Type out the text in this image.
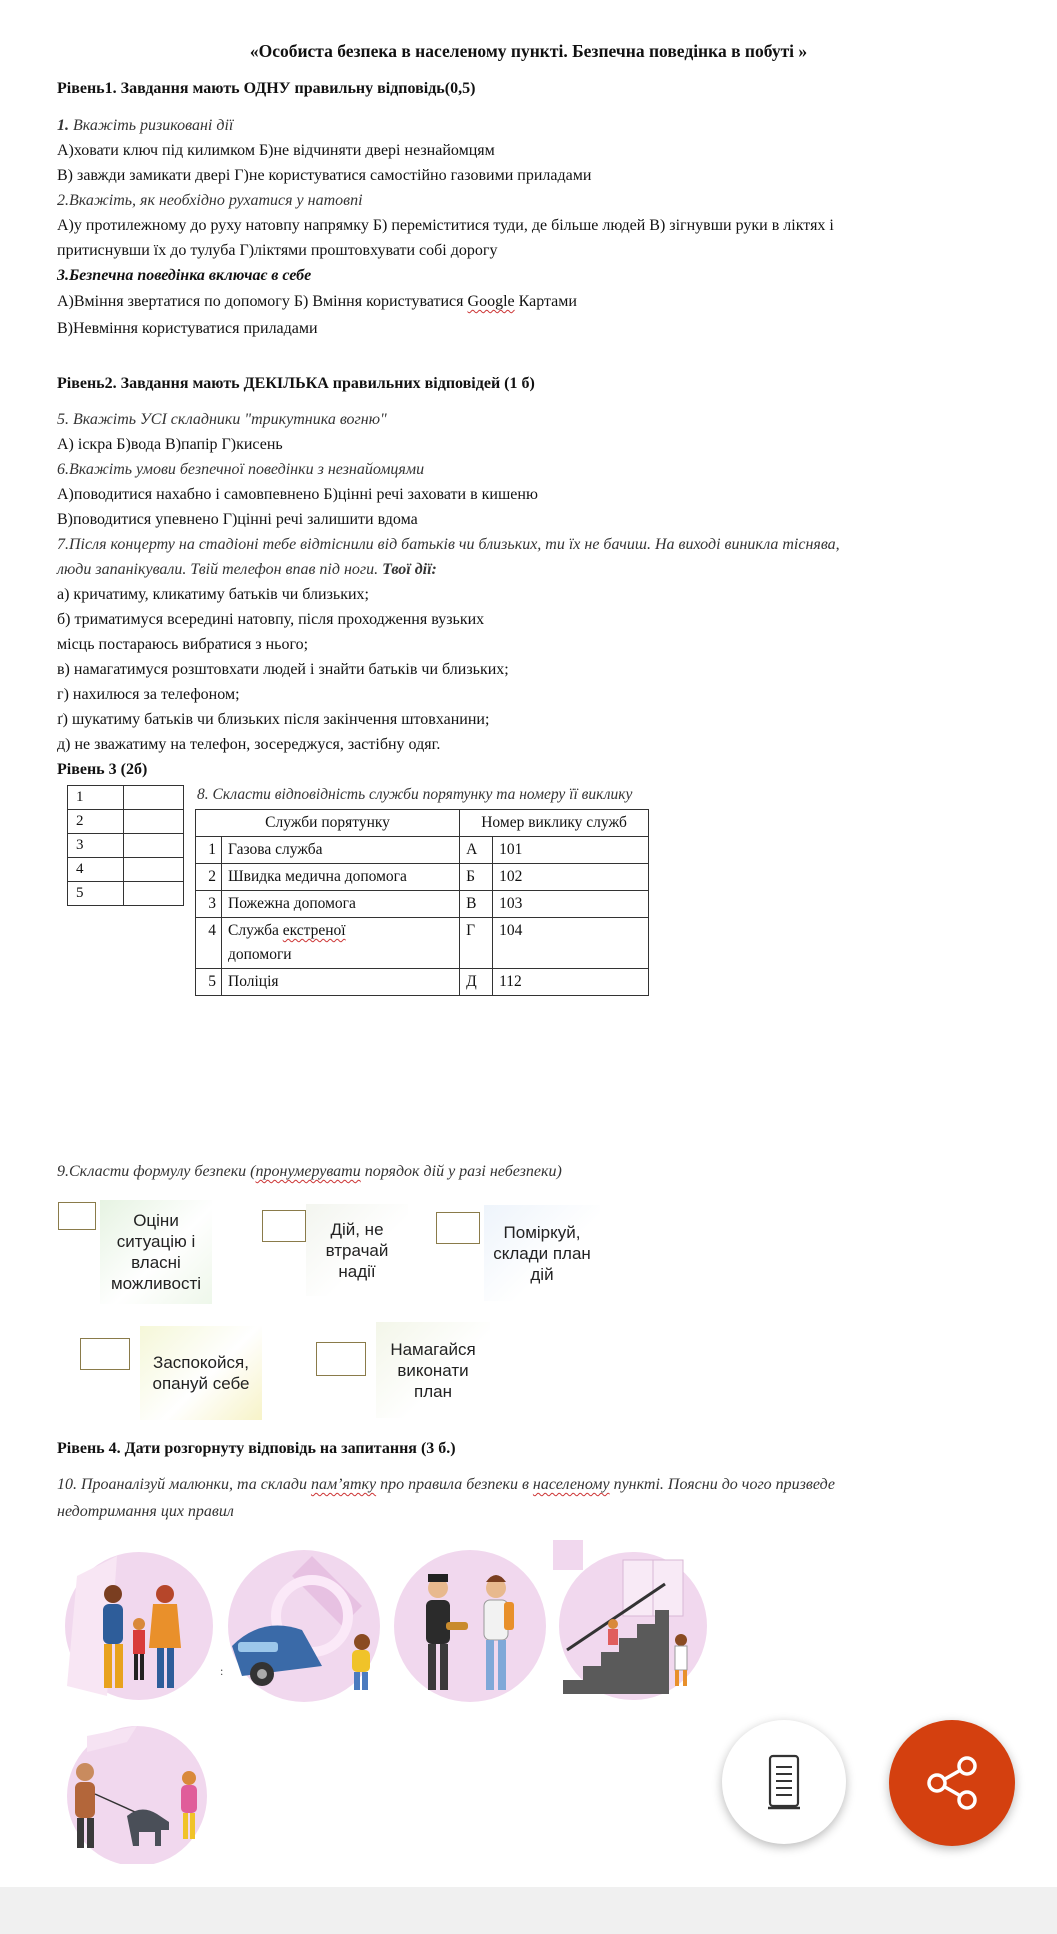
«Особиста безпека в населеному пункті. Безпечна поведінка в побуті »
Рівень1. Завдання мають ОДНУ правильну відповідь(0,5)
1. Вкажіть ризиковані дії
А)ховати ключ під килимком Б)не відчиняти двері незнайомцям
В) завжди замикати двері Г)не користуватися самостійно газовими приладами
2.Вкажіть, як необхідно рухатися у натовпі
А)у протилежному до руху натовпу напрямку Б) переміститися туди, де більше людей В) зігнувши руки в ліктях і
притиснувши їх до тулуба Г)ліктями проштовхувати собі дорогу
3.Безпечна поведінка включає в себе
А)Вміння звертатися по допомогу Б) Вміння користуватися Google Картами
В)Невміння користуватися приладами
Рівень2. Завдання мають ДЕКІЛЬКА правильних відповідей (1 б)
5. Вкажіть УСІ складники "трикутника вогню"
А) іскра Б)вода В)папір Г)кисень
6.Вкажіть умови безпечної поведінки з незнайомцями
А)поводитися нахабно і самовпевнено Б)цінні речі заховати в кишеню
В)поводитися упевнено Г)цінні речі залишити вдома
7.Після концерту на стадіоні тебе відтіснили від батьків чи близьких, ти їх не бачиш. На виході виникла тіснява,
люди запанікували. Твій телефон впав під ноги. Твої дії:
а) кричатиму, кликатиму батьків чи близьких;
б) триматимуся всередині натовпу, після проходження вузьких
місць постараюсь вибратися з нього;
в) намагатимуся розштовхати людей і знайти батьків чи близьких;
г) нахилюся за телефоном;
ґ) шукатиму батьків чи близьких після закінчення штовханини;
д) не зважатиму на телефон, зосереджуся, застібну одяг.
Рівень 3 (2б)
1	
2	
3	
4	
5	
8. Скласти відповідність служби порятунку та номеру її виклику
Служби порятунку		Номер виклику служб	
1	Газова служба	А	101
2	Швидка медична допомога	Б	102
3	Пожежна допомога	В	103
4	Служба екстреної
допомоги	Г	104
5	Поліція	Д	112
9.Скласти формулу безпеки (пронумерувати порядок дій у разі небезпеки)
Оціни ситуацію і власні можливості
Дій, не втрачай надії
Поміркуй, склади план дій
Заспокойся, опануй себе
Намагайся виконати план
Рівень 4. Дати розгорнуту відповідь на запитання (3 б.)
10. Проаналізуй малюнки, та склади пам’ятку про правила безпеки в населеному пункті. Поясни до чого призведе
недотримання цих правил
:
